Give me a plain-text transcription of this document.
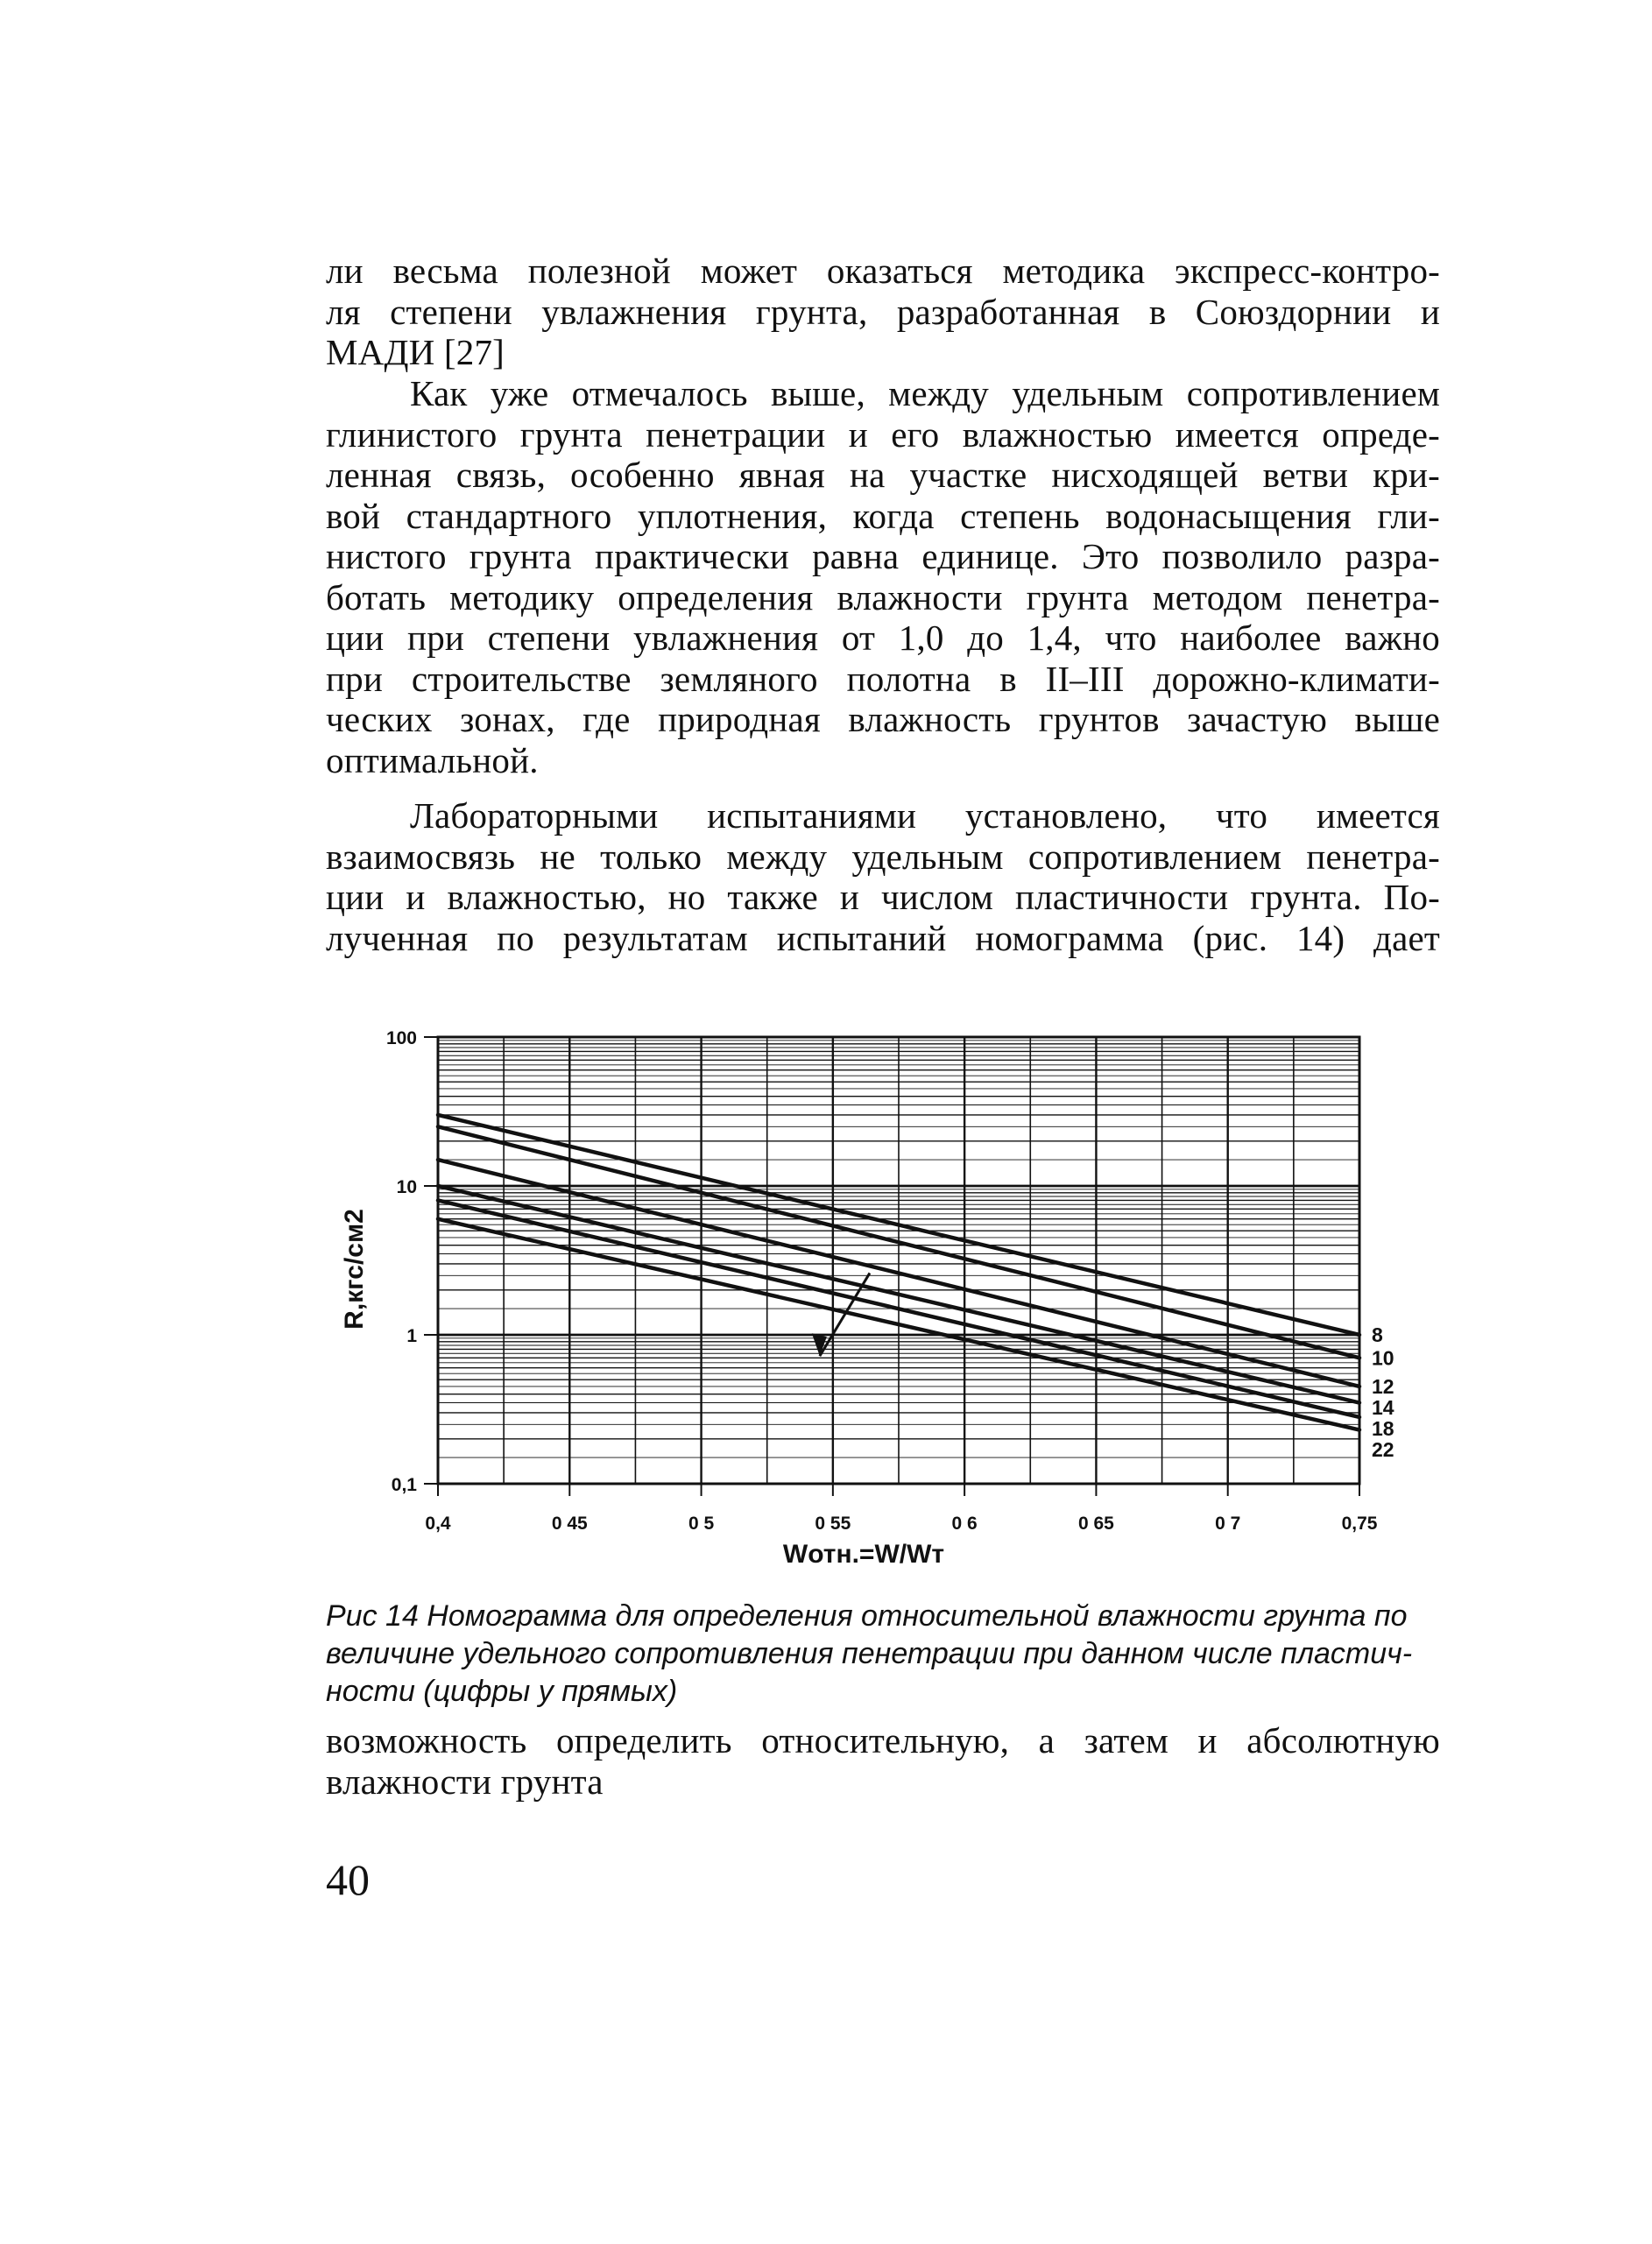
ли весьма полезной может оказаться методика экспресс-контро-
ля степени увлажнения грунта, разработанная в Союздорнии и
МАДИ [27]
Как уже отмечалось выше, между удельным сопротивлением
глинистого грунта пенетрации и его влажностью имеется опреде-
ленная связь, особенно явная на участке нисходящей ветви кри-
вой стандартного уплотнения, когда степень водонасыщения гли-
нистого грунта практически равна единице. Это позволило разра-
ботать методику определения влажности грунта методом пенетра-
ции при степени увлажнения от 1,0 до 1,4, что наиболее важно
при строительстве земляного полотна в II–III дорожно-климати-
ческих зонах, где природная влажность грунтов зачастую выше
оптимальной.
Лабораторными испытаниями установлено, что имеется
взаимосвязь не только между удельным сопротивлением пенетра-
ции и влажностью, но также и числом пластичности грунта. По-
лученная по результатам испытаний номограмма (рис. 14) дает
8
10
12
14
18
22
100
10
1
0,1
0,4	0 45	0 5	0 55	0 6	0 65	0 7	0,75
Wотн.=W/Wт
R,кгс/см2
Рис 14 Номограмма для определения относительной влажности грунта по
величине удельного сопротивления пенетрации при данном числе пластич-
ности (цифры у прямых)
возможность определить относительную, а затем и абсолютную
влажности грунта
40
